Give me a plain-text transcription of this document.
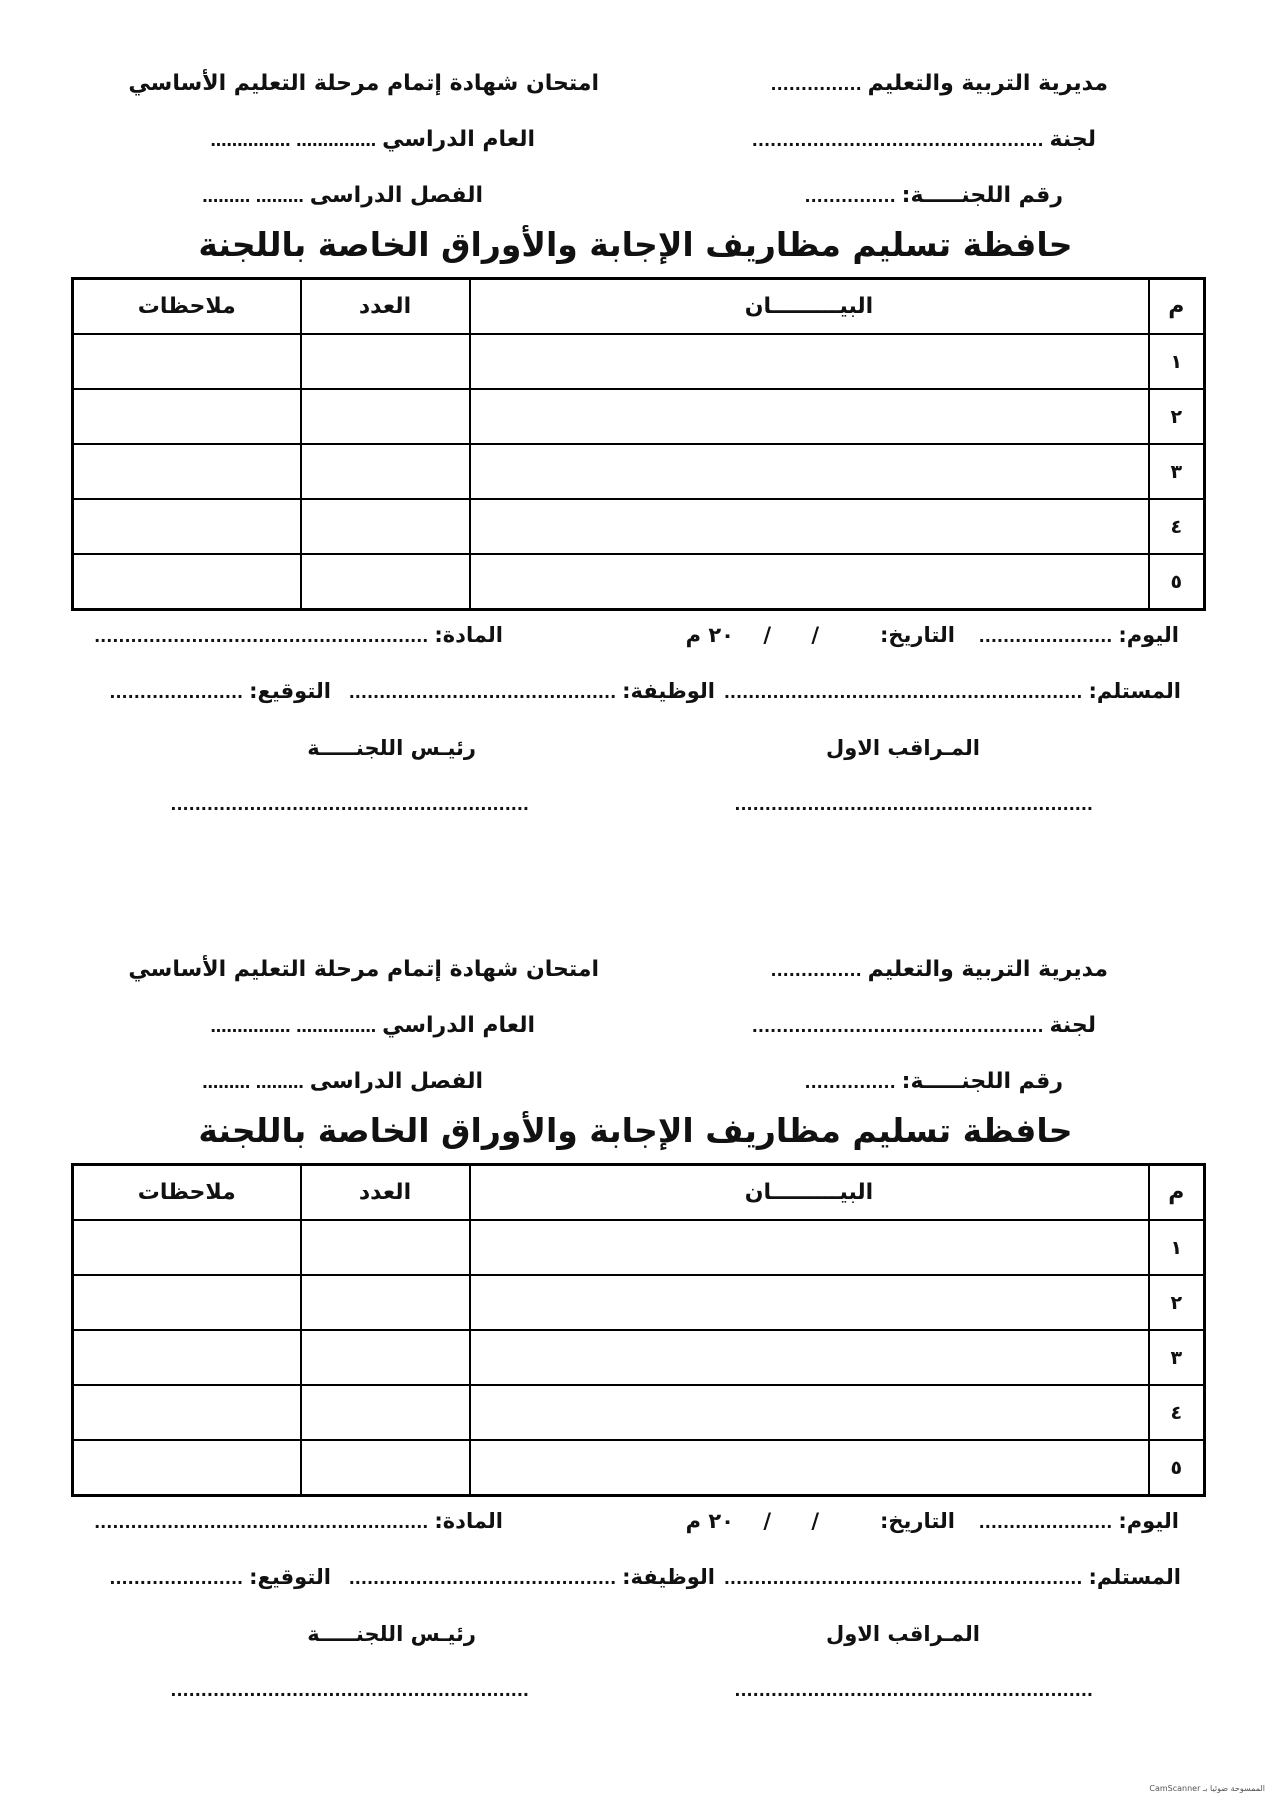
مديرية التربية والتعليم...............
امتحان شهادة إتمام مرحلة التعليم الأساسي
لجنة................................................
العام الدراسي…………… ……………
رقم اللجنـــــة:...............
الفصل الدراسى……… ………
حافظة تسليم مظاريف الإجابة والأوراق الخاصة باللجنة
م	البيـــــــــان	العدد	ملاحظات
١			
٢			
٣			
٤			
٥			
اليوم:......................
التاريخ:
/
/
٢٠ م
المادة:.......................................................
المستلم:...........................................................
الوظيفة:............................................
التوقيع:......................
المـراقب الاول
رئيـس اللجنـــــة
...........................................................
...........................................................
مديرية التربية والتعليم...............
امتحان شهادة إتمام مرحلة التعليم الأساسي
لجنة................................................
العام الدراسي…………… ……………
رقم اللجنـــــة:...............
الفصل الدراسى……… ………
حافظة تسليم مظاريف الإجابة والأوراق الخاصة باللجنة
م	البيـــــــــان	العدد	ملاحظات
١			
٢			
٣			
٤			
٥			
اليوم:......................
التاريخ:
/
/
٢٠ م
المادة:.......................................................
المستلم:...........................................................
الوظيفة:............................................
التوقيع:......................
المـراقب الاول
رئيـس اللجنـــــة
...........................................................
...........................................................
الممسوحة ضوئيا بـ CamScanner
